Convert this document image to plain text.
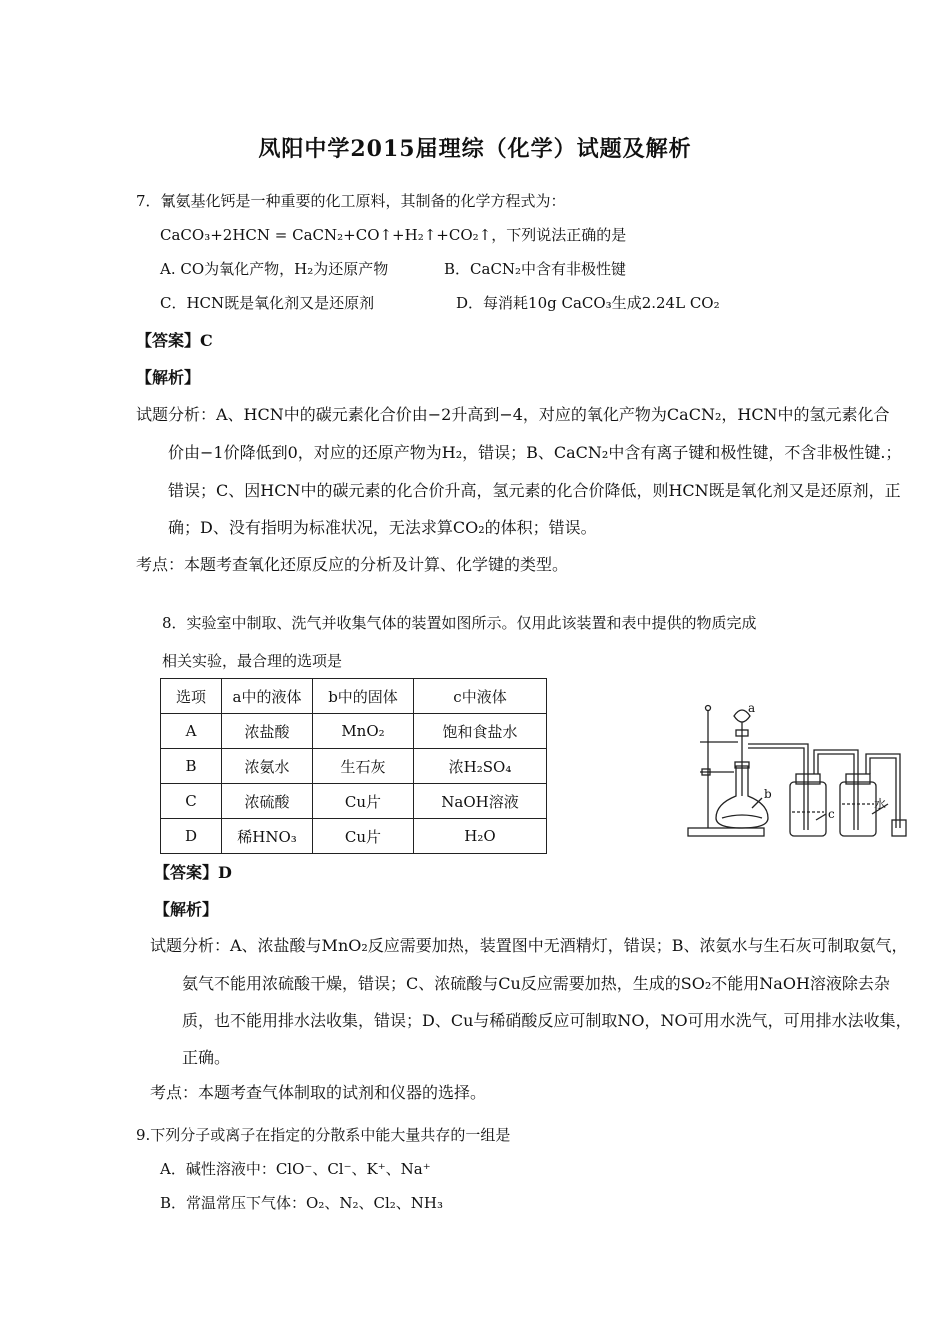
凤阳中学2015届理综（化学）试题及解析
7．氰氨基化钙是一种重要的化工原料，其制备的化学方程式为：
CaCO₃+2HCN = CaCN₂+CO↑+H₂↑+CO₂↑，下列说法正确的是
A. CO为氧化产物，H₂为还原产物	B．CaCN₂中含有非极性键
C．HCN既是氧化剂又是还原剂	D．每消耗10g CaCO₃生成2.24L CO₂
【答案】C
【解析】
试题分析：A、HCN中的碳元素化合价由−2升高到−4，对应的氧化产物为CaCN₂，HCN中的氢元素化合
价由−1价降低到0，对应的还原产物为H₂，错误；B、CaCN₂中含有离子键和极性键，不含非极性键.；
错误；C、因HCN中的碳元素的化合价升高，氢元素的化合价降低，则HCN既是氧化剂又是还原剂，正
确；D、没有指明为标准状况，无法求算CO₂的体积；错误。
考点：本题考查氧化还原反应的分析及计算、化学键的类型。
8．实验室中制取、洗气并收集气体的装置如图所示。仅用此该装置和表中提供的物质完成
相关实验，最合理的选项是
选项	a中的液体	b中的固体	c中液体
A	浓盐酸	MnO₂	饱和食盐水
B	浓氨水	生石灰	浓H₂SO₄
C	浓硫酸	Cu片	NaOH溶液
D	稀HNO₃	Cu片	H₂O
a
b
c
水
【答案】D
【解析】
试题分析：A、浓盐酸与MnO₂反应需要加热，装置图中无酒精灯，错误；B、浓氨水与生石灰可制取氨气，
氨气不能用浓硫酸干燥，错误；C、浓硫酸与Cu反应需要加热，生成的SO₂不能用NaOH溶液除去杂
质，也不能用排水法收集，错误；D、Cu与稀硝酸反应可制取NO，NO可用水洗气，可用排水法收集，
正确。
考点：本题考查气体制取的试剂和仪器的选择。
9.下列分子或离子在指定的分散系中能大量共存的一组是
A．碱性溶液中：ClO⁻、Cl⁻、K⁺、Na⁺
B．常温常压下气体：O₂、N₂、Cl₂、NH₃
